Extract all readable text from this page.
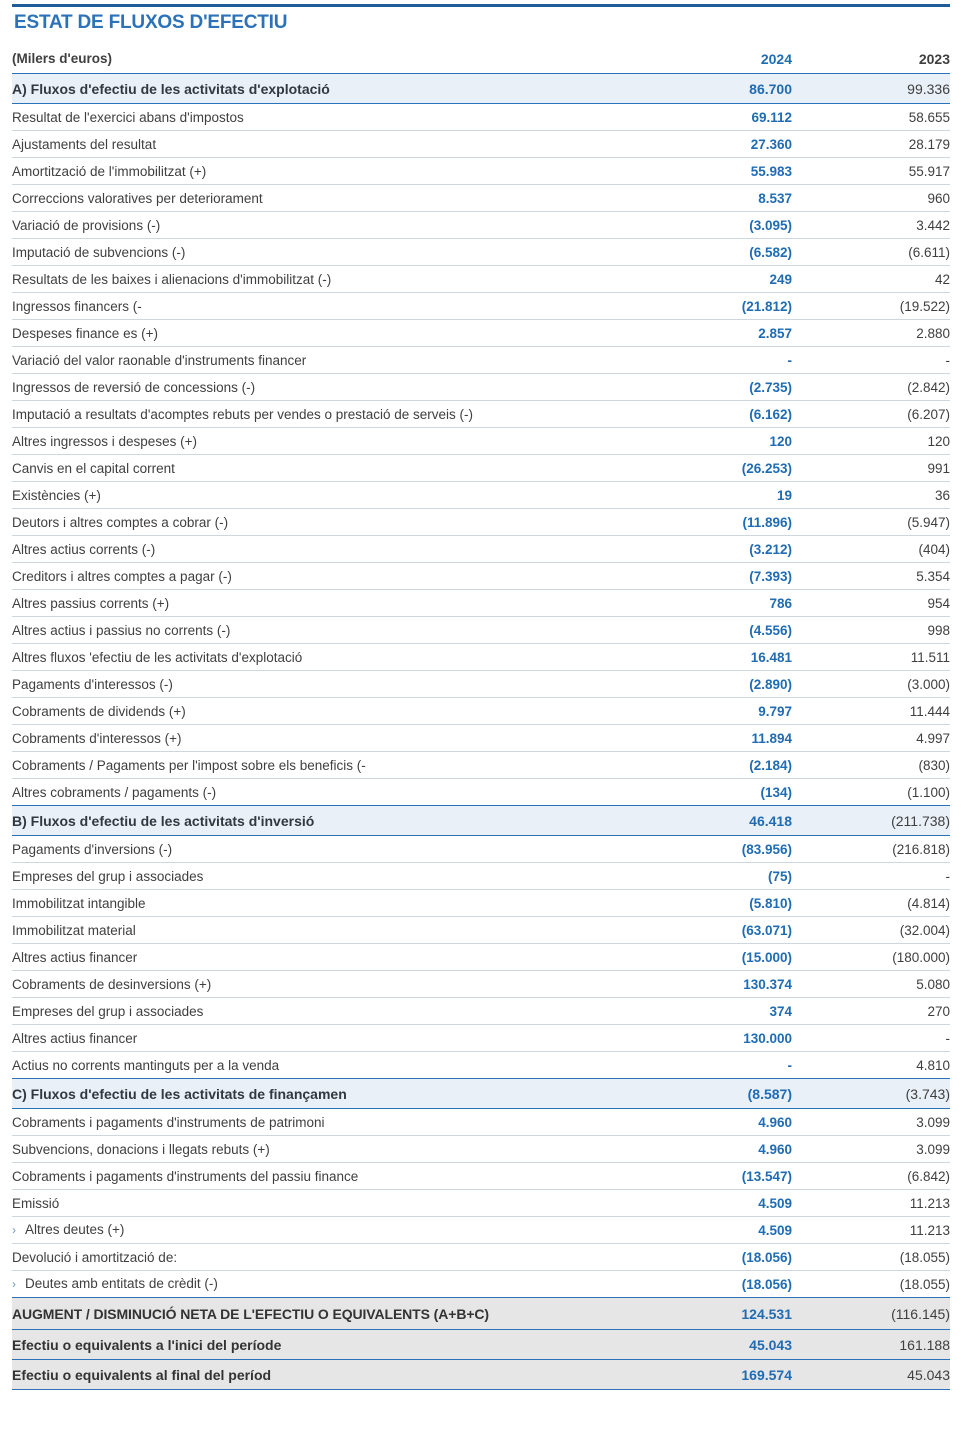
ESTAT DE FLUXOS D'EFECTIU
(Milers d'euros)	2024	2023
A) Fluxos d'efectiu de les activitats d'explotació	86.700	99.336
Resultat de l'exercici abans d'impostos	69.112	58.655
Ajustaments del resultat	27.360	28.179
Amortització de l'immobilitzat (+)	55.983	55.917
Correccions valoratives per deteriorament	8.537	960
Variació de provisions (-)	(3.095)	3.442
Imputació de subvencions (-)	(6.582)	(6.611)
Resultats de les baixes i alienacions d'immobilitzat (-)	249	42
Ingressos financers (-	(21.812)	(19.522)
Despeses finance es (+)	2.857	2.880
Variació del valor raonable d'instruments financer	-	-
Ingressos de reversió de concessions (-)	(2.735)	(2.842)
Imputació a resultats d'acomptes rebuts per vendes o prestació de serveis (-)	(6.162)	(6.207)
Altres ingressos i despeses (+)	120	120
Canvis en el capital corrent	(26.253)	991
Existències (+)	19	36
Deutors i altres comptes a cobrar (-)	(11.896)	(5.947)
Altres actius corrents (-)	(3.212)	(404)
Creditors i altres comptes a pagar (-)	(7.393)	5.354
Altres passius corrents (+)	786	954
Altres actius i passius no corrents (-)	(4.556)	998
Altres fluxos 'efectiu de les activitats d'explotació	16.481	11.511
Pagaments d'interessos (-)	(2.890)	(3.000)
Cobraments de dividends (+)	9.797	11.444
Cobraments d'interessos (+)	11.894	4.997
Cobraments / Pagaments per l'impost sobre els beneficis (-	(2.184)	(830)
Altres cobraments / pagaments (-)	(134)	(1.100)
B) Fluxos d'efectiu de les activitats d'inversió	46.418	(211.738)
Pagaments d'inversions (-)	(83.956)	(216.818)
Empreses del grup i associades	(75)	-
Immobilitzat intangible	(5.810)	(4.814)
Immobilitzat material	(63.071)	(32.004)
Altres actius financer	(15.000)	(180.000)
Cobraments de desinversions (+)	130.374	5.080
Empreses del grup i associades	374	270
Altres actius financer	130.000	-
Actius no corrents mantinguts per a la venda	-	4.810
C) Fluxos d'efectiu de les activitats de finançamen	(8.587)	(3.743)
Cobraments i pagaments d'instruments de patrimoni	4.960	3.099
Subvencions, donacions i llegats rebuts (+)	4.960	3.099
Cobraments i pagaments d'instruments del passiu finance	(13.547)	(6.842)
Emissió	4.509	11.213
› Altres deutes (+)	4.509	11.213
Devolució i amortització de:	(18.056)	(18.055)
› Deutes amb entitats de crèdit (-)	(18.056)	(18.055)
AUGMENT / DISMINUCIÓ NETA DE L'EFECTIU O EQUIVALENTS (A+B+C)	124.531	(116.145)
Efectiu o equivalents a l'inici del període	45.043	161.188
Efectiu o equivalents al final del períod	169.574	45.043
